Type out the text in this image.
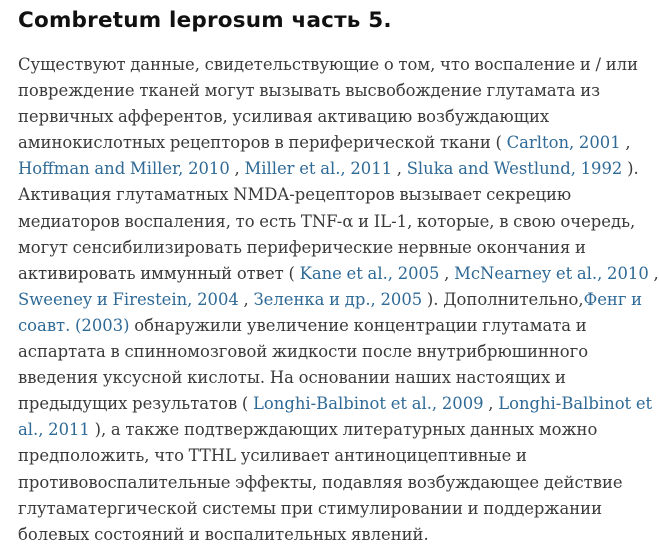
Combretum leprosum часть 5.
Существуют данные, свидетельствующие о том, что воспаление и / или
повреждение тканей могут вызывать высвобождение глутамата из
первичных афферентов, усиливая активацию возбуждающих
аминокислотных рецепторов в периферической ткани ( Carlton, 2001 ,
Hoffman and Miller, 2010 , Miller et al., 2011 , Sluka and Westlund, 1992 ).
Активация глутаматных NMDA-рецепторов вызывает секрецию
медиаторов воспаления, то есть TNF-α и IL-1, которые, в свою очередь,
могут сенсибилизировать периферические нервные окончания и
активировать иммунный ответ ( Kane et al., 2005 , McNearney et al., 2010 ,
Sweeney и Firestein, 2004 , Зеленка и др., 2005 ). Дополнительно,Фенг и
соавт. (2003) обнаружили увеличение концентрации глутамата и
аспартата в спинномозговой жидкости после внутрибрюшинного
введения уксусной кислоты. На основании наших настоящих и
предыдущих результатов ( Longhi-Balbinot et al., 2009 , Longhi-Balbinot et
al., 2011 ), а также подтверждающих литературных данных можно
предположить, что TTHL усиливает антиноцицептивные и
противовоспалительные эффекты, подавляя возбуждающее действие
глутаматергической системы при стимулировании и поддержании
болевых состояний и воспалительных явлений.
